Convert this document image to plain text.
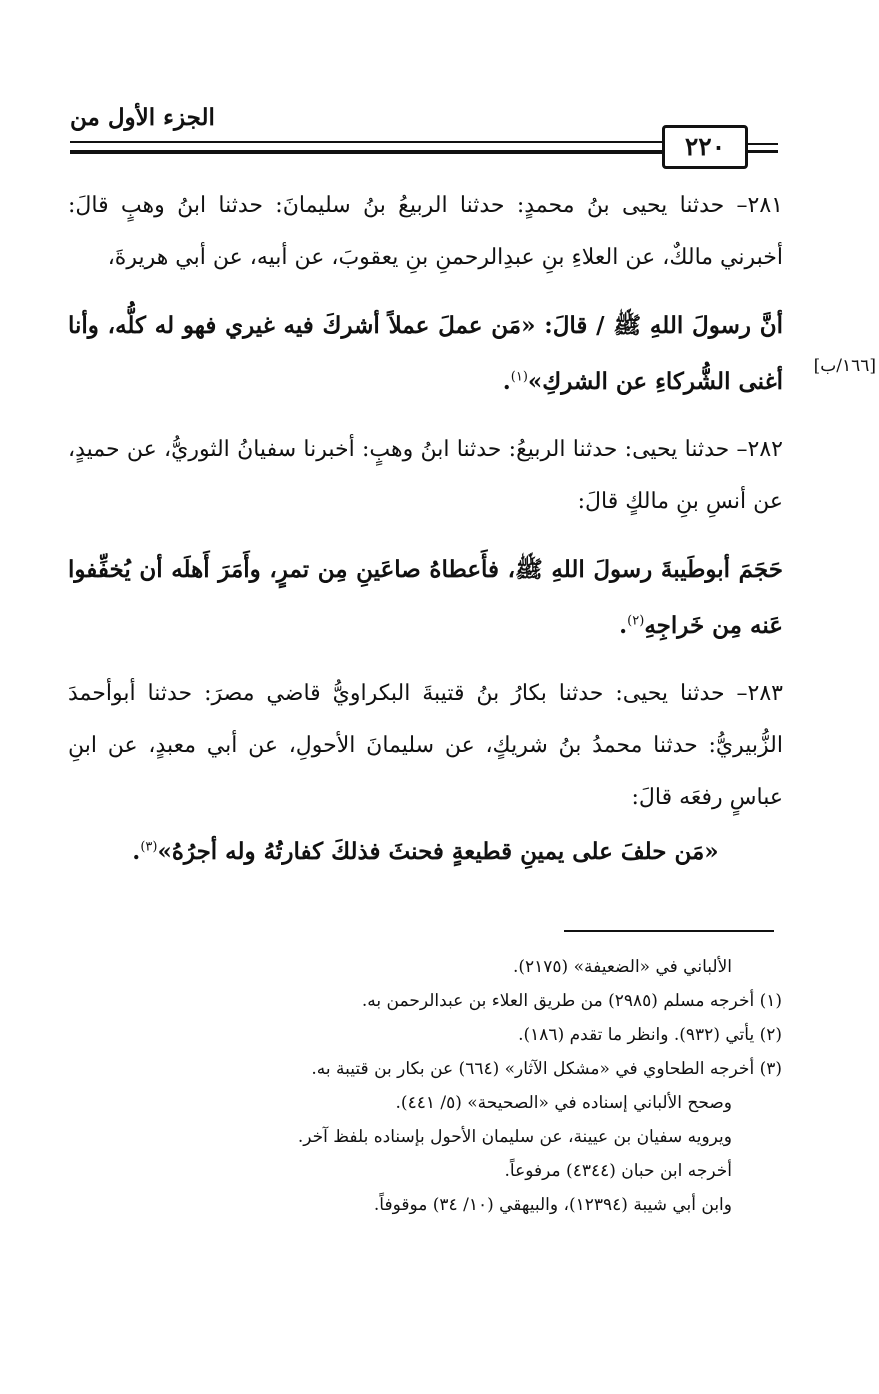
الجزء الأول من
٢٢٠
[١٦٦/ب]

٢٨١– حدثنا يحيى بنُ محمدٍ: حدثنا الربيعُ بنُ سليمانَ: حدثنا ابنُ وهبٍ قالَ: أخبرني مالكٌ، عن العلاءِ بنِ عبدِالرحمنِ بنِ يعقوبَ، عن أبيه، عن أبي هريرةَ،

أنَّ رسولَ اللهِ ﷺ / قالَ: «مَن عملَ عملاً أشركَ فيه غيري فهو له كلُّه، وأنا أغنى الشُّركاءِ عن الشركِ»$^{(١)}$.

٢٨٢– حدثنا يحيى: حدثنا الربيعُ: حدثنا ابنُ وهبٍ: أخبرنا سفيانُ الثوريُّ، عن حميدٍ، عن أنسِ بنِ مالكٍ قالَ:

حَجَمَ أبوطَيبةَ رسولَ اللهِ ﷺ، فأَعطاهُ صاعَينِ مِن تمرٍ، وأَمَرَ أَهلَه أن يُخفِّفوا عَنه مِن خَراجِهِ$^{(٢)}$.

٢٨٣– حدثنا يحيى: حدثنا بكارُ بنُ قتيبةَ البكراويُّ قاضي مصرَ: حدثنا أبوأحمدَ الزُّبيريُّ: حدثنا محمدُ بنُ شريكٍ، عن سليمانَ الأحولِ، عن أبي معبدٍ، عن ابنِ عباسٍ رفعَه قالَ:

«مَن حلفَ على يمينِ قطيعةٍ فحنثَ فذلكَ كفارتُهُ وله أجرُهُ»$^{(٣)}$.

الألباني في «الضعيفة» (٢١٧٥).

(١) أخرجه مسلم (٢٩٨٥) من طريق العلاء بن عبدالرحمن به.

(٢) يأتي (٩٣٢). وانظر ما تقدم (١٨٦).

(٣) أخرجه الطحاوي في «مشكل الآثار» (٦٦٤) عن بكار بن قتيبة به.

وصحح الألباني إسناده في «الصحيحة» (٥/ ٤٤١).

ويرويه سفيان بن عيينة، عن سليمان الأحول بإسناده بلفظ آخر.

أخرجه ابن حبان (٤٣٤٤) مرفوعاً.

وابن أبي شيبة (١٢٣٩٤)، والبيهقي (١٠/ ٣٤) موقوفاً.
